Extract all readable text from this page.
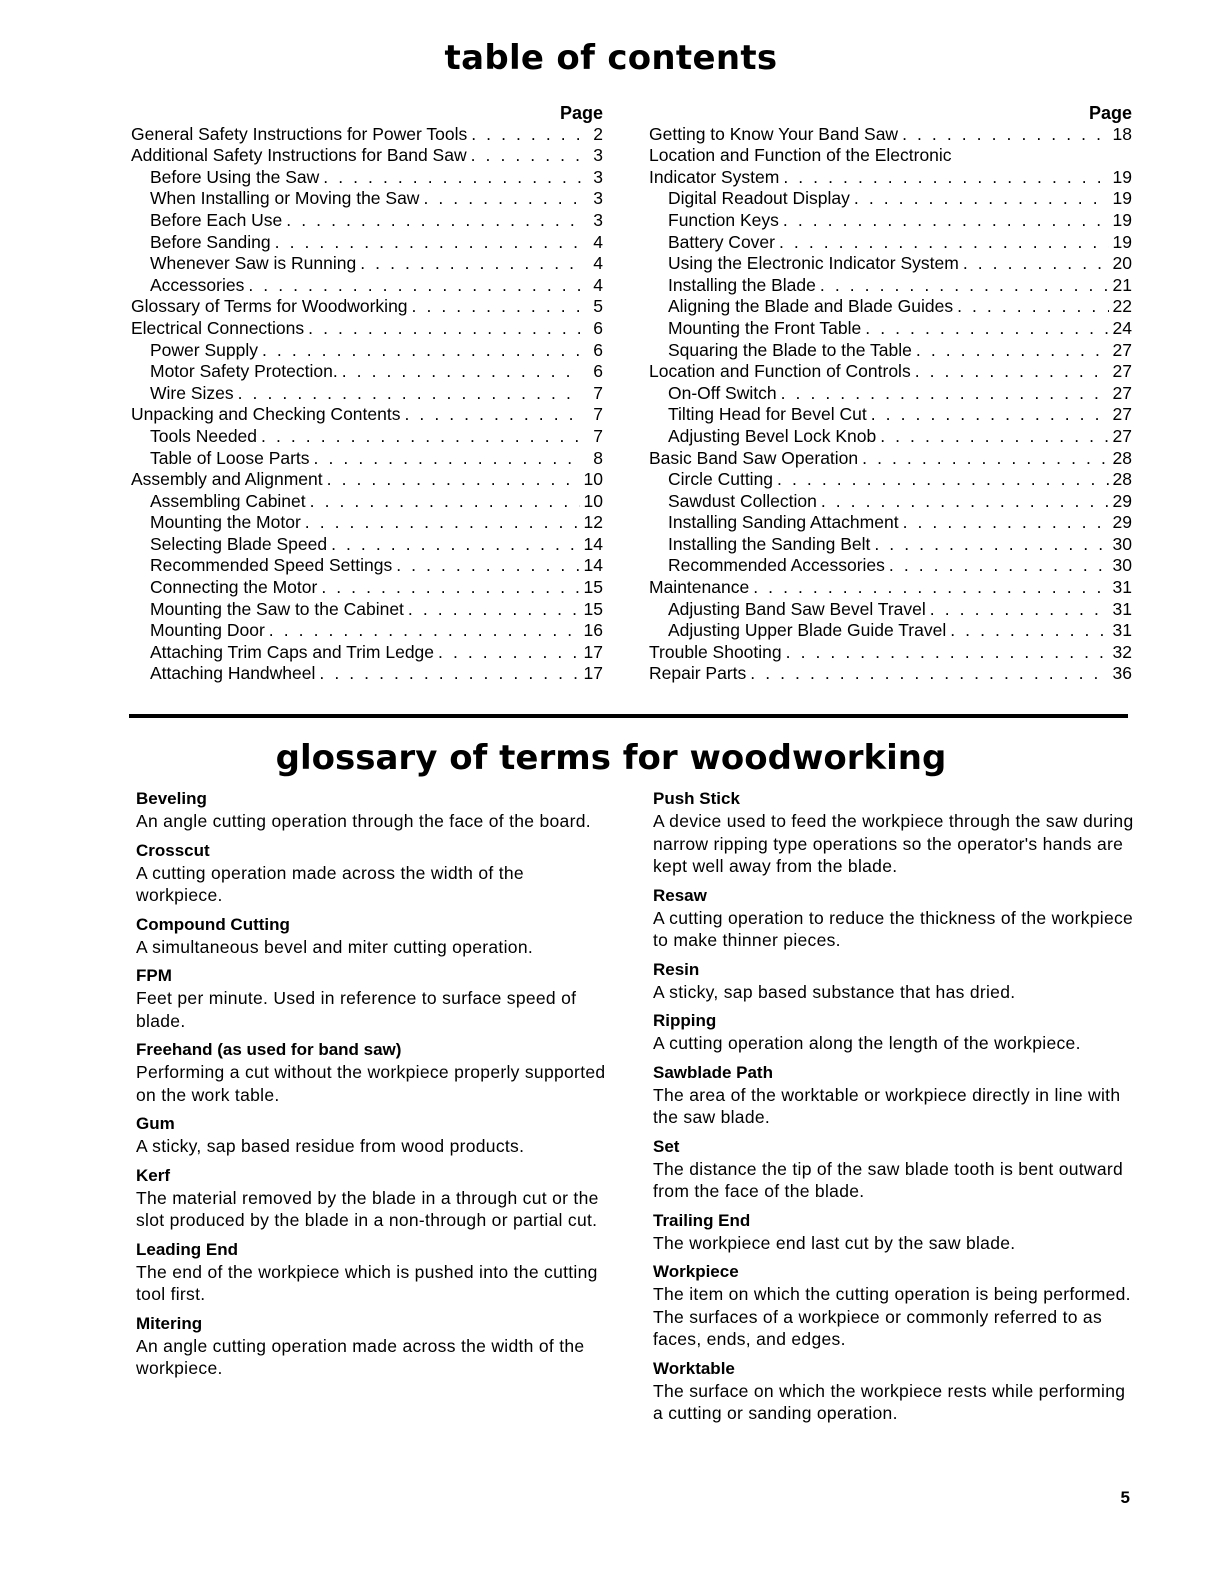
table of contents
Page
General Safety Instructions for Power Tools . . .	2
Additional Safety Instructions for Band Saw . . .	3
Before Using the Saw . . .	3
When Installing or Moving the Saw . . .	3
Before Each Use . . .	3
Before Sanding . . .	4
Whenever Saw is Running . . .	4
Accessories . . .	4
Glossary of Terms for Woodworking . . .	5
Electrical Connections . . .	6
Power Supply . . .	6
Motor Safety Protection. . . .	6
Wire Sizes . . .	7
Unpacking and Checking Contents . . .	7
Tools Needed . . .	7
Table of Loose Parts . . .	8
Assembly and Alignment . . .	10
Assembling Cabinet . . .	10
Mounting the Motor . . .	12
Selecting Blade Speed . . .	14
Recommended Speed Settings . . .	14
Connecting the Motor . . .	15
Mounting the Saw to the Cabinet . . .	15
Mounting Door . . .	16
Attaching Trim Caps and Trim Ledge . . .	17
Attaching Handwheel . . .	17
Page
Getting to Know Your Band Saw . . .	18
Location and Function of the Electronic
Indicator System . . .	19
Digital Readout Display . . .	19
Function Keys . . .	19
Battery Cover . . .	19
Using the Electronic Indicator System . . .	20
Installing the Blade . . .	21
Aligning the Blade and Blade Guides . . .	22
Mounting the Front Table . . .	24
Squaring the Blade to the Table . . .	27
Location and Function of Controls . . .	27
On-Off Switch . . .	27
Tilting Head for Bevel Cut . . .	27
Adjusting Bevel Lock Knob . . .	27
Basic Band Saw Operation . . .	28
Circle Cutting . . .	28
Sawdust Collection . . .	29
Installing Sanding Attachment . . .	29
Installing the Sanding Belt . . .	30
Recommended Accessories . . .	30
Maintenance . . .	31
Adjusting Band Saw Bevel Travel . . .	31
Adjusting Upper Blade Guide Travel . . .	31
Trouble Shooting . . .	32
Repair Parts . . .	36
glossary of terms for woodworking
Beveling
An angle cutting operation through the face of the board.
Crosscut
A cutting operation made across the width of the workpiece.
Compound Cutting
A simultaneous bevel and miter cutting operation.
FPM
Feet per minute. Used in reference to surface speed of blade.
Freehand (as used for band saw)
Performing a cut without the workpiece properly supported on the work table.
Gum
A sticky, sap based residue from wood products.
Kerf
The material removed by the blade in a through cut or the slot produced by the blade in a non-through or partial cut.
Leading End
The end of the workpiece which is pushed into the cutting tool first.
Mitering
An angle cutting operation made across the width of the workpiece.
Push Stick
A device used to feed the workpiece through the saw during narrow ripping type operations so the operator's hands are kept well away from the blade.
Resaw
A cutting operation to reduce the thickness of the workpiece to make thinner pieces.
Resin
A sticky, sap based substance that has dried.
Ripping
A cutting operation along the length of the workpiece.
Sawblade Path
The area of the worktable or workpiece directly in line with the saw blade.
Set
The distance the tip of the saw blade tooth is bent outward from the face of the blade.
Trailing End
The workpiece end last cut by the saw blade.
Workpiece
The item on which the cutting operation is being performed. The surfaces of a workpiece or commonly referred to as faces, ends, and edges.
Worktable
The surface on which the workpiece rests while performing a cutting or sanding operation.
5
